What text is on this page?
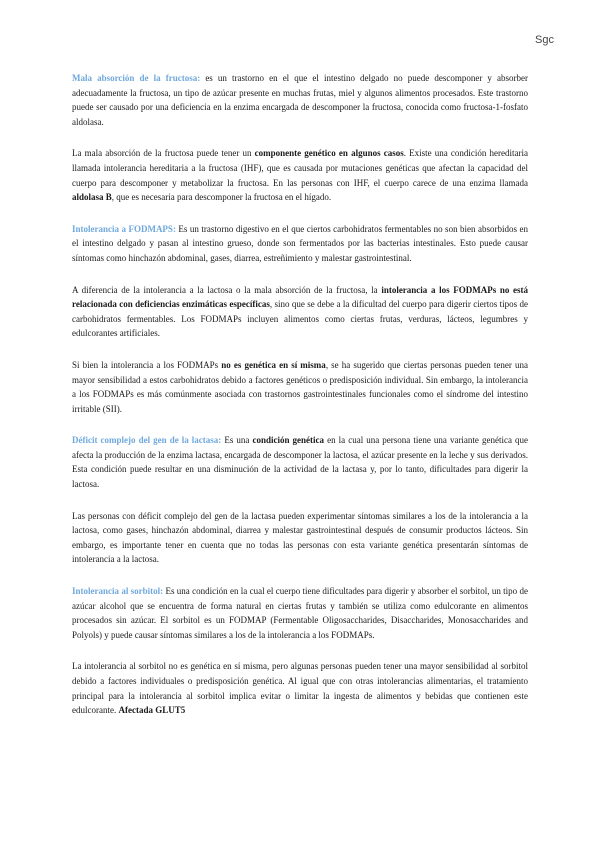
Sgc

Mala absorción de la fructosa: es un trastorno en el que el intestino delgado no puede descomponer y absorber adecuadamente la fructosa, un tipo de azúcar presente en muchas frutas, miel y algunos alimentos procesados. Este trastorno puede ser causado por una deficiencia en la enzima encargada de descomponer la fructosa, conocida como fructosa-1-fosfato aldolasa.

La mala absorción de la fructosa puede tener un componente genético en algunos casos. Existe una condición hereditaria llamada intolerancia hereditaria a la fructosa (IHF), que es causada por mutaciones genéticas que afectan la capacidad del cuerpo para descomponer y metabolizar la fructosa. En las personas con IHF, el cuerpo carece de una enzima llamada aldolasa B, que es necesaria para descomponer la fructosa en el hígado.

Intolerancia a FODMAPS: Es un trastorno digestivo en el que ciertos carbohidratos fermentables no son bien absorbidos en el intestino delgado y pasan al intestino grueso, donde son fermentados por las bacterias intestinales. Esto puede causar síntomas como hinchazón abdominal, gases, diarrea, estreñimiento y malestar gastrointestinal.

A diferencia de la intolerancia a la lactosa o la mala absorción de la fructosa, la intolerancia a los FODMAPs no está relacionada con deficiencias enzimáticas específicas, sino que se debe a la dificultad del cuerpo para digerir ciertos tipos de carbohidratos fermentables. Los FODMAPs incluyen alimentos como ciertas frutas, verduras, lácteos, legumbres y edulcorantes artificiales.

Si bien la intolerancia a los FODMAPs no es genética en sí misma, se ha sugerido que ciertas personas pueden tener una mayor sensibilidad a estos carbohidratos debido a factores genéticos o predisposición individual. Sin embargo, la intolerancia a los FODMAPs es más comúnmente asociada con trastornos gastrointestinales funcionales como el síndrome del intestino irritable (SII).

Déficit complejo del gen de la lactasa: Es una condición genética en la cual una persona tiene una variante genética que afecta la producción de la enzima lactasa, encargada de descomponer la lactosa, el azúcar presente en la leche y sus derivados. Esta condición puede resultar en una disminución de la actividad de la lactasa y, por lo tanto, dificultades para digerir la lactosa.

Las personas con déficit complejo del gen de la lactasa pueden experimentar síntomas similares a los de la intolerancia a la lactosa, como gases, hinchazón abdominal, diarrea y malestar gastrointestinal después de consumir productos lácteos. Sin embargo, es importante tener en cuenta que no todas las personas con esta variante genética presentarán síntomas de intolerancia a la lactosa.

Intolerancia al sorbitol: Es una condición en la cual el cuerpo tiene dificultades para digerir y absorber el sorbitol, un tipo de azúcar alcohol que se encuentra de forma natural en ciertas frutas y también se utiliza como edulcorante en alimentos procesados sin azúcar. El sorbitol es un FODMAP (Fermentable Oligosaccharides, Disaccharides, Monosaccharides and Polyols) y puede causar síntomas similares a los de la intolerancia a los FODMAPs.

La intolerancia al sorbitol no es genética en sí misma, pero algunas personas pueden tener una mayor sensibilidad al sorbitol debido a factores individuales o predisposición genética. Al igual que con otras intolerancias alimentarias, el tratamiento principal para la intolerancia al sorbitol implica evitar o limitar la ingesta de alimentos y bebidas que contienen este edulcorante. Afectada GLUT5
